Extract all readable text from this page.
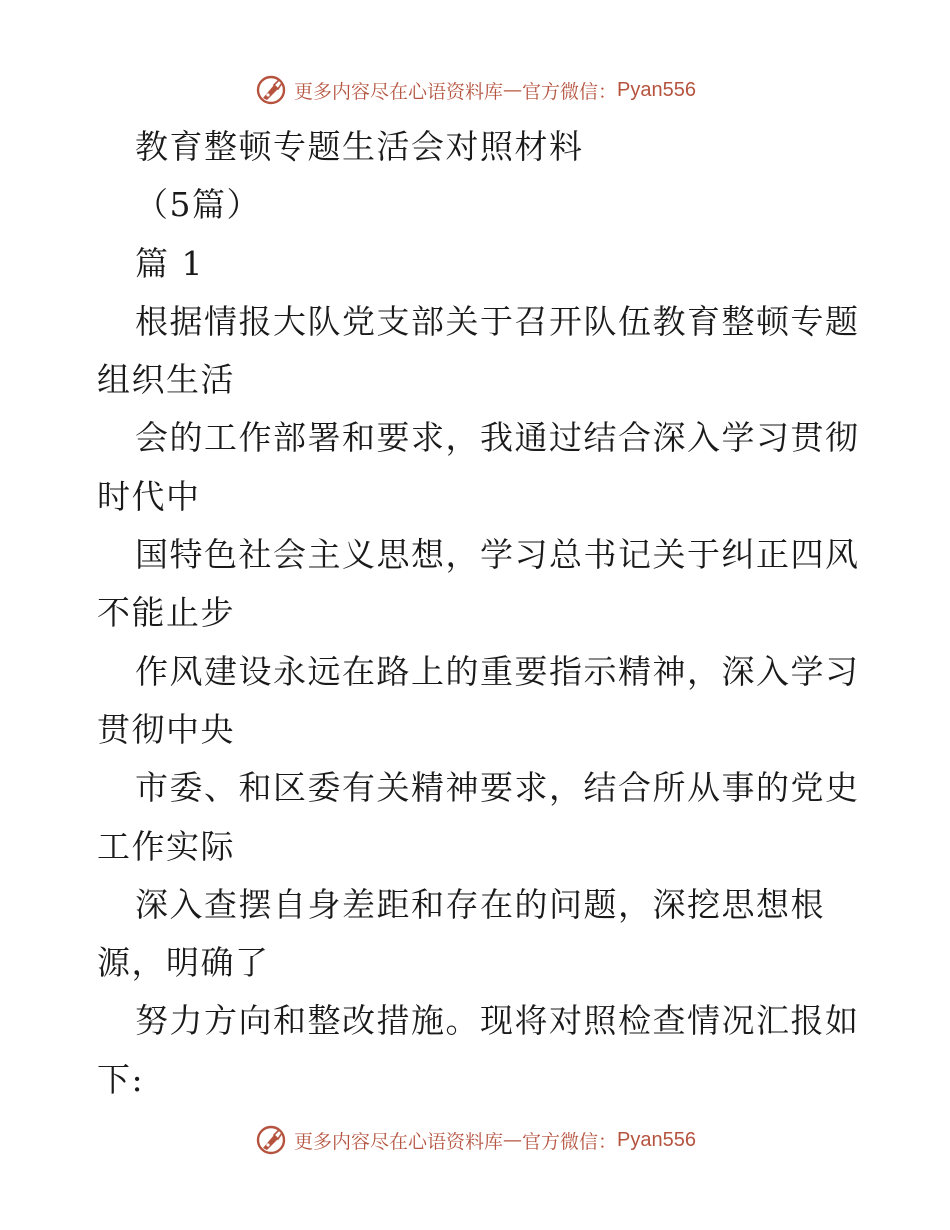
更多内容尽在心语资料库 — 官方微信： Pyan556
教育整顿专题生活会对照材料
（5篇）
篇 1
根据情报大队党支部关于召开队伍教育整顿专题
组织生活
会的工作部署和要求，我通过结合深入学习贯彻
时代中
国特色社会主义思想，学习总书记关于纠正四风
不能止步
作风建设永远在路上的重要指示精神，深入学习
贯彻中央
市委、和区委有关精神要求，结合所从事的党史
工作实际
深入查摆自身差距和存在的问题，深挖思想根
源，明确了
努力方向和整改措施。现将对照检查情况汇报如
下:
更多内容尽在心语资料库 — 官方微信： Pyan556
